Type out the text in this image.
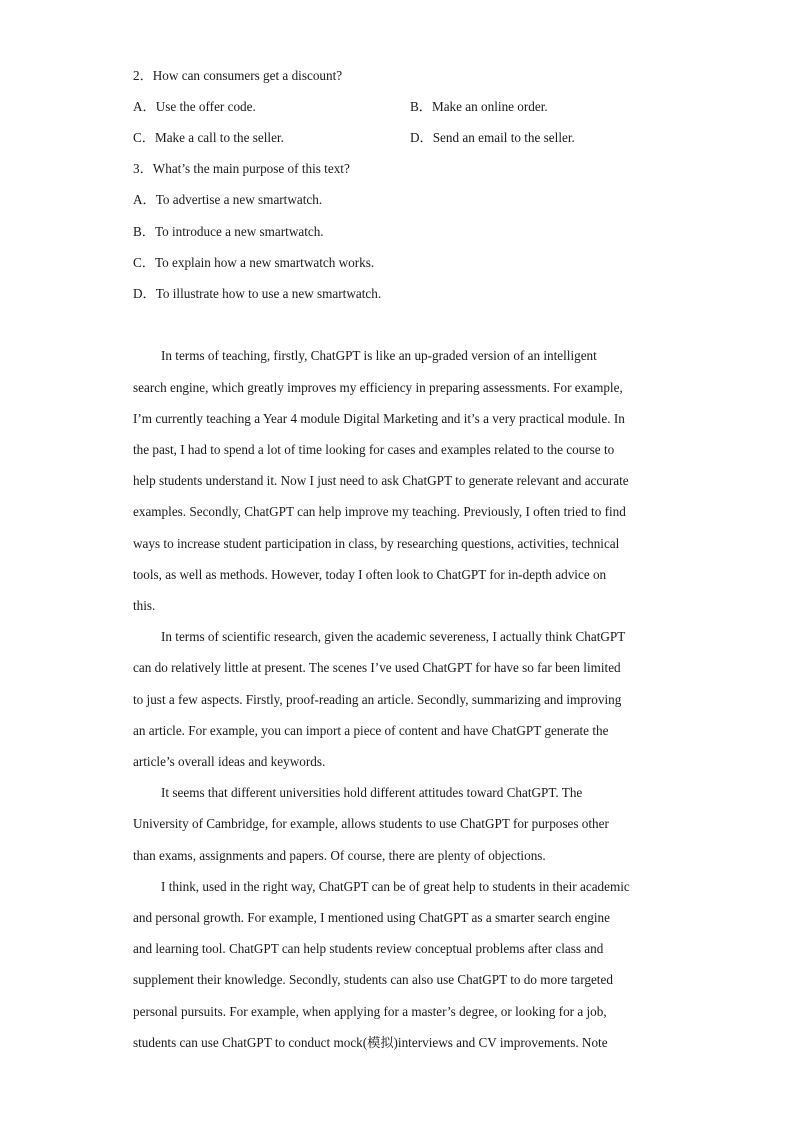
2．How can consumers get a discount?
A．Use the offer code.	B．Make an online order.
C．Make a call to the seller.	D．Send an email to the seller.
3．What’s the main purpose of this text?
A．To advertise a new smartwatch.
B．To introduce a new smartwatch.
C．To explain how a new smartwatch works.
D．To illustrate how to use a new smartwatch.
In terms of teaching, firstly, ChatGPT is like an up-graded version of an intelligent
search engine, which greatly improves my efficiency in preparing assessments. For example,
I’m currently teaching a Year 4 module Digital Marketing and it’s a very practical module. In
the past, I had to spend a lot of time looking for cases and examples related to the course to
help students understand it. Now I just need to ask ChatGPT to generate relevant and accurate
examples. Secondly, ChatGPT can help improve my teaching. Previously, I often tried to find
ways to increase student participation in class, by researching questions, activities, technical
tools, as well as methods. However, today I often look to ChatGPT for in-depth advice on
this.
In terms of scientific research, given the academic severeness, I actually think ChatGPT
can do relatively little at present. The scenes I’ve used ChatGPT for have so far been limited
to just a few aspects. Firstly, proof-reading an article. Secondly, summarizing and improving
an article. For example, you can import a piece of content and have ChatGPT generate the
article’s overall ideas and keywords.
It seems that different universities hold different attitudes toward ChatGPT. The
University of Cambridge, for example, allows students to use ChatGPT for purposes other
than exams, assignments and papers. Of course, there are plenty of objections.
I think, used in the right way, ChatGPT can be of great help to students in their academic
and personal growth. For example, I mentioned using ChatGPT as a smarter search engine
and learning tool. ChatGPT can help students review conceptual problems after class and
supplement their knowledge. Secondly, students can also use ChatGPT to do more targeted
personal pursuits. For example, when applying for a master’s degree, or looking for a job,
students can use ChatGPT to conduct mock(模拟)interviews and CV improvements. Note
